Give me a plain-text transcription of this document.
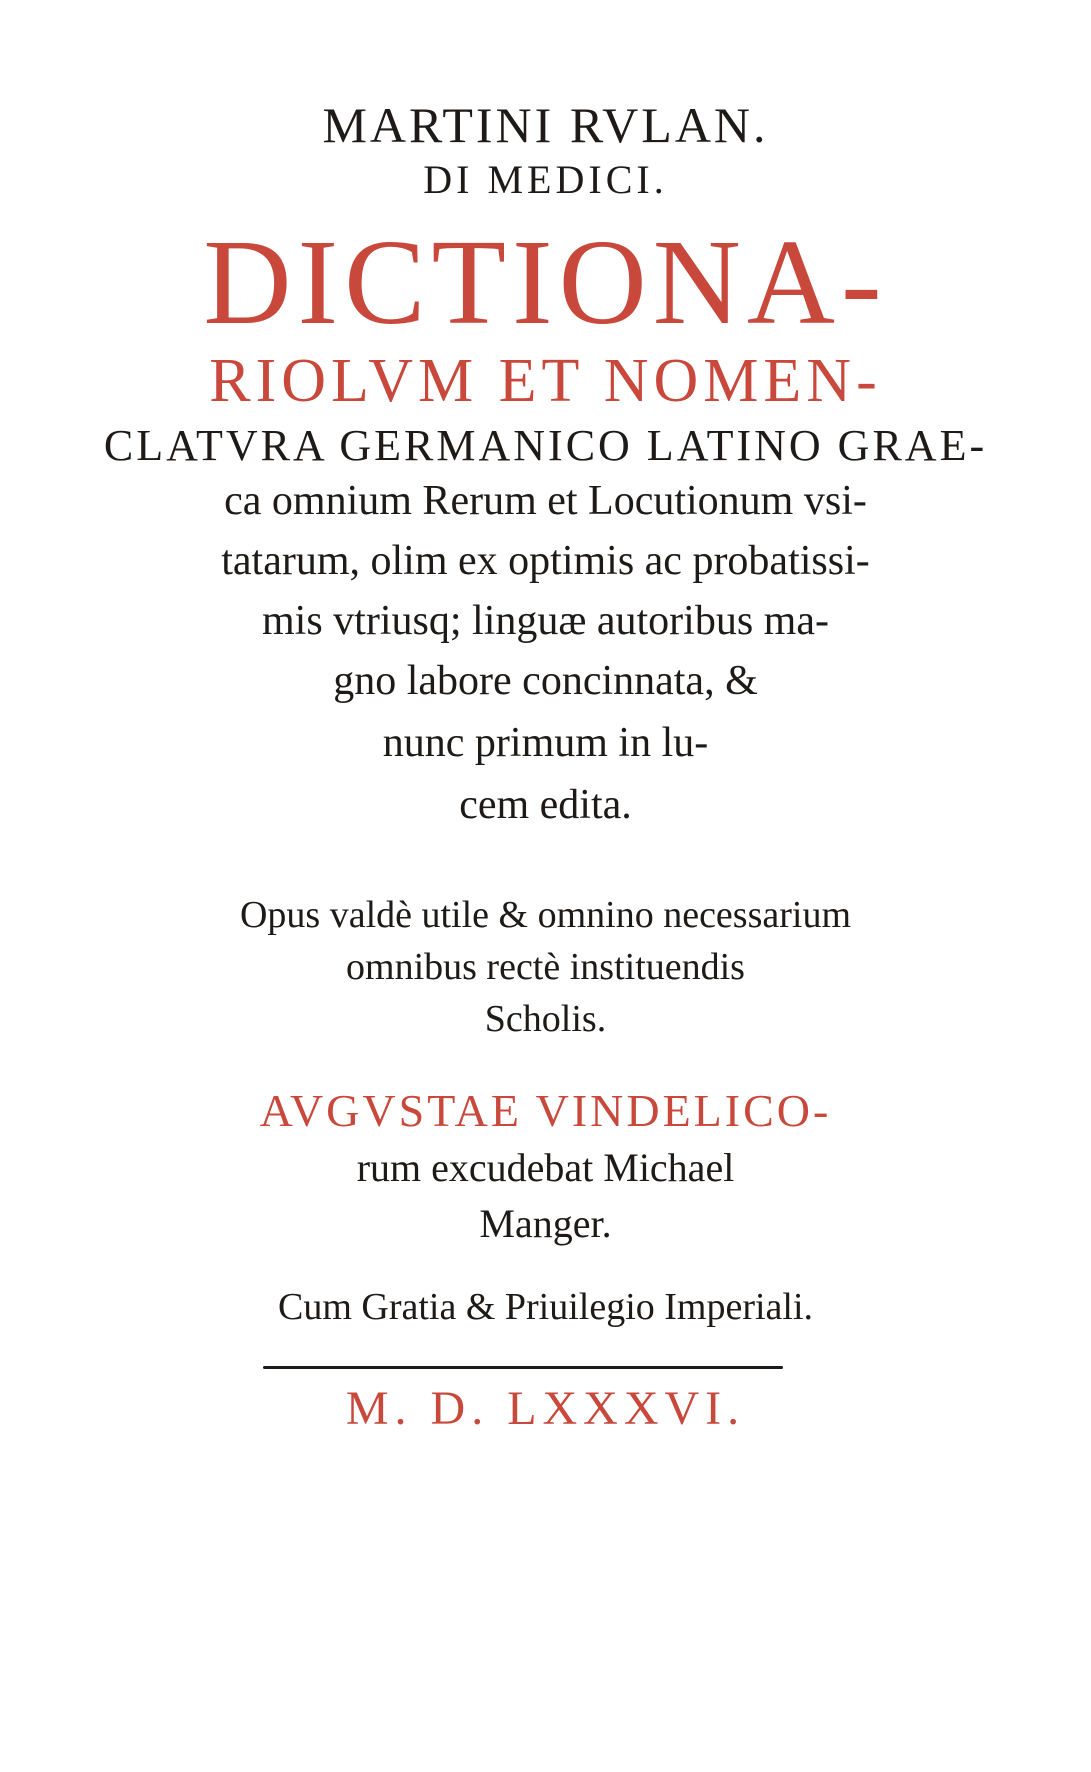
MARTINI RVLAN.
DI MEDICI.
DICTIONA-
RIOLVM ET NOMEN-
CLATVRA GERMANICO LATINO GRAE-
ca omnium Rerum et Locutionum vsi-
tatarum, olim ex optimis ac probatissi-
mis vtriusq; linguæ autoribus ma-
gno labore concinnata, &
nunc primum in lu-
cem edita.
Opus valdè utile & omnino necessarium
omnibus rectè instituendis
Scholis.
AVGVSTAE VINDELICO-
rum excudebat Michael
Manger.
Cum Gratia & Priuilegio Imperiali.
M. D. LXXXVI.
